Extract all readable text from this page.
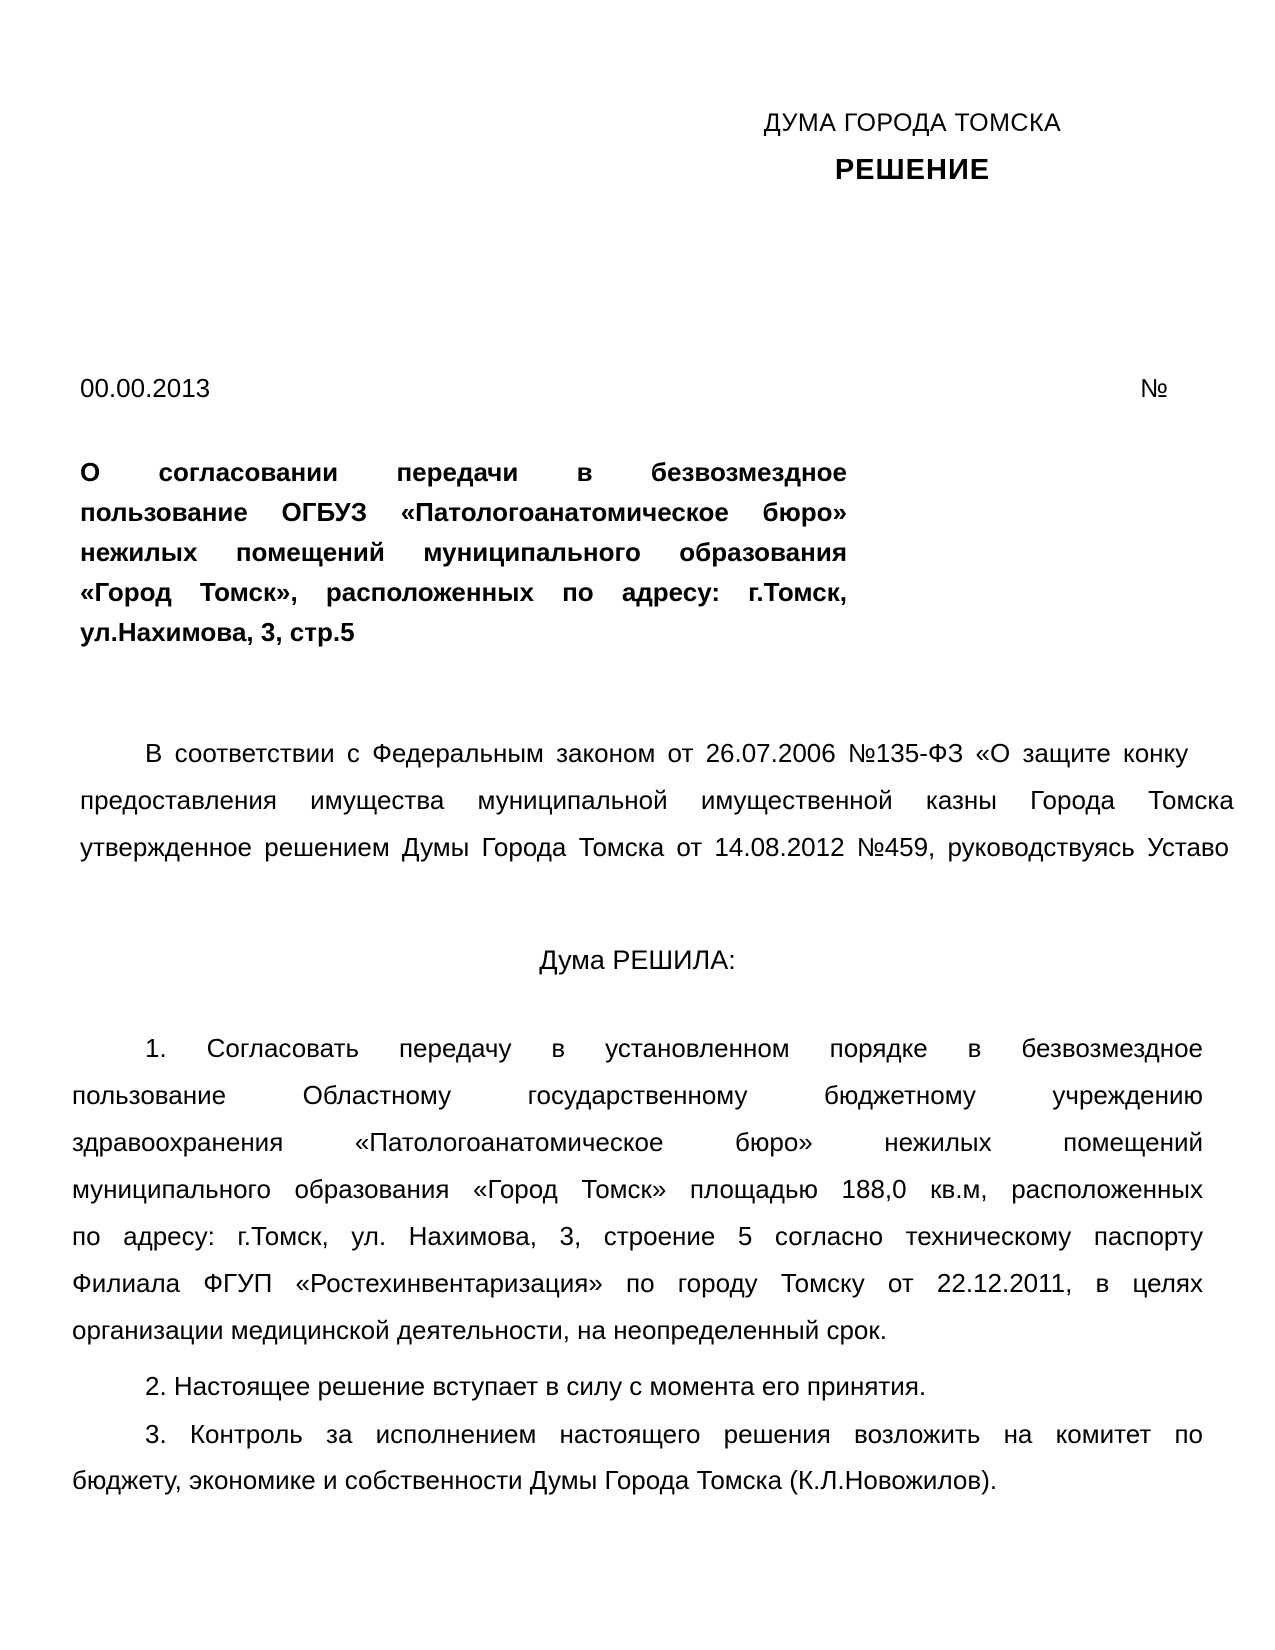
ДУМА ГОРОДА ТОМСКА
РЕШЕНИЕ
00.00.2013	№
О согласовании передачи в безвозмездное
пользование ОГБУЗ «Патологоанатомическое бюро»
нежилых помещений муниципального образования
«Город Томск», расположенных по адресу: г.Томск,
ул.Нахимова, 3, стр.5
В соответствии с Федеральным законом от 26.07.2006 №135-ФЗ «О защите конку
предоставления имущества муниципальной имущественной казны Города Томска
утвержденное решением Думы Города Томска от 14.08.2012 №459, руководствуясь Уставо
Дума РЕШИЛА:
1. Согласовать передачу в установленном порядке в безвозмездное
пользование Областному государственному бюджетному учреждению
здравоохранения «Патологоанатомическое бюро» нежилых помещений
муниципального образования «Город Томск» площадью 188,0 кв.м, расположенных
по адресу: г.Томск, ул. Нахимова, 3, строение 5 согласно техническому паспорту
Филиала ФГУП «Ростехинвентаризация» по городу Томску от 22.12.2011, в целях
организации медицинской деятельности, на неопределенный срок.
2. Настоящее решение вступает в силу с момента его принятия.
3. Контроль за исполнением настоящего решения возложить на комитет по
бюджету, экономике и собственности Думы Города Томска (К.Л.Новожилов).
